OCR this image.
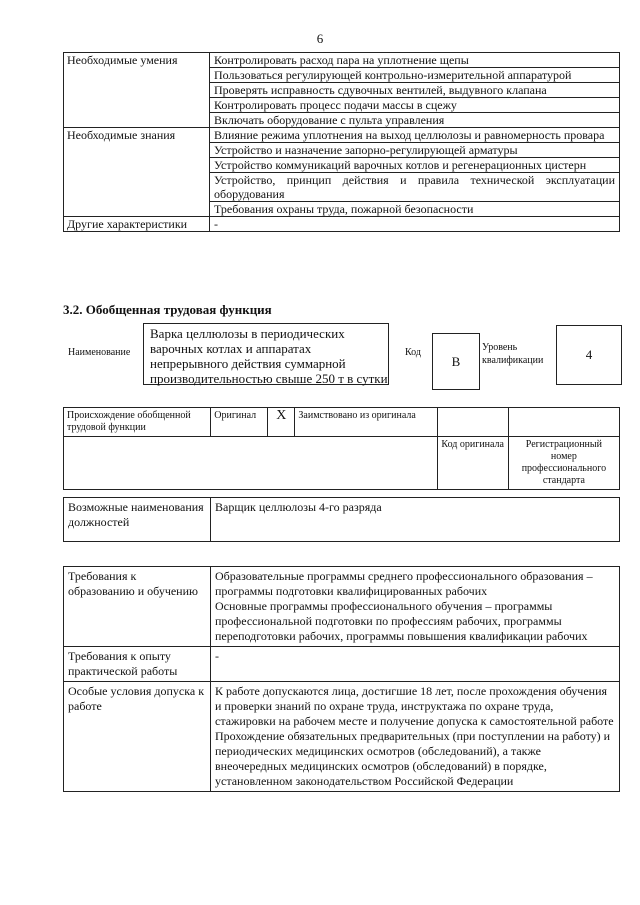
6
Необходимые умения	Контролировать расход пара на уплотнение щепы
	Пользоваться регулирующей контрольно-измерительной аппаратурой
	Проверять исправность сдувочных вентилей, выдувного клапана
	Контролировать процесс подачи массы в сцежу
	Включать оборудование с пульта управления
Необходимые знания	Влияние режима уплотнения на выход целлюлозы и равномерность провара
	Устройство и назначение запорно-регулирующей арматуры
	Устройство коммуникаций варочных котлов и регенерационных цистерн
	Устройство, принцип действия и правила технической эксплуатации оборудования
	Требования охраны труда, пожарной безопасности
Другие характеристики	-
3.2. Обобщенная трудовая функция
Наименование
Варка целлюлозы в периодических варочных котлах и аппаратах непрерывного действия суммарной производительностью свыше 250 т в сутки
Код
B
Уровень квалификации	4
Происхождение обобщенной трудовой функции	Оригинал	X	Заимствовано из оригинала		
				Код оригинала	Регистрационный номер профессионального стандарта
Возможные наименования должностей	Варщик целлюлозы 4-го разряда
Требования к образованию и обучению	Образовательные программы среднего профессионального образования – программы подготовки квалифицированных рабочих
Основные программы профессионального обучения – программы профессиональной подготовки по профессиям рабочих, программы переподготовки рабочих, программы повышения квалификации рабочих
Требования к опыту практической работы	-
Особые условия допуска к работе	К работе допускаются лица, достигшие 18 лет, после прохождения обучения и проверки знаний по охране труда, инструктажа по охране труда, стажировки на рабочем месте и получение допуска к самостоятельной работе
Прохождение обязательных предварительных (при поступлении на работу) и периодических медицинских осмотров (обследований), а также внеочередных медицинских осмотров (обследований) в порядке, установленном законодательством Российской Федерации
